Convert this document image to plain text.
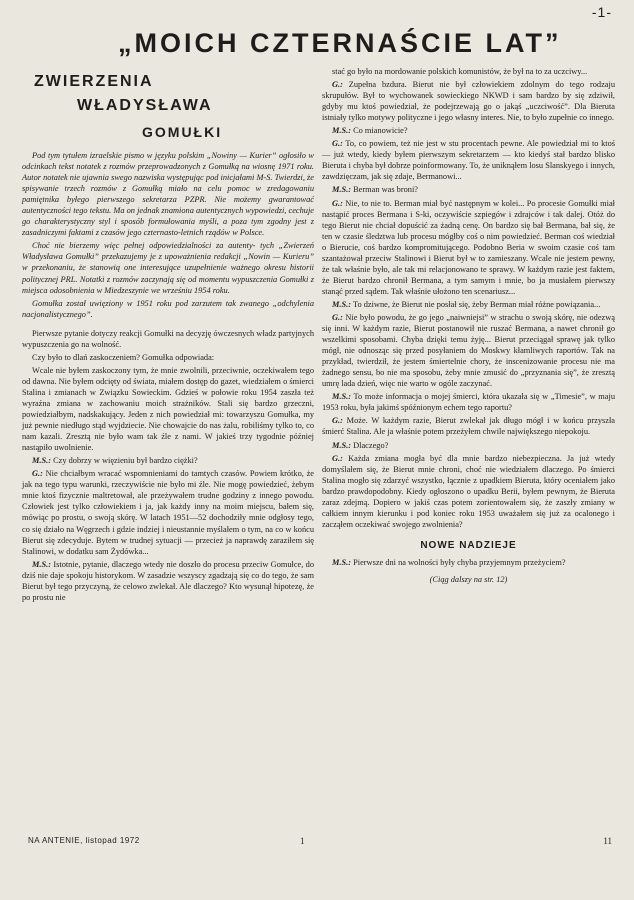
-1-
„MOICH CZTERNAŚCIE LAT”
ZWIERZENIA
WŁADYSŁAWA
GOMUŁKI

Pod tym tytułem izraelskie pismo w języku polskim „Nowiny — Kurier” ogłosiło w odcinkach tekst notatek z rozmów przeprowadzonych z Gomułką na wiosnę 1971 roku. Autor notatek nie ujawnia swego nazwiska występując pod inicjałami M-S. Twierdzi, że spisywanie trzech rozmów z Gomułką miało na celu pomoc w zredagowaniu pamiętnika byłego pierwszego sekretarza PZPR. Nie możemy gwarantować autentyczności tego tekstu. Ma on jednak znamiona autentycznych wypowiedzi, cechuje go charakterystyczny styl i sposób formułowania myśli, a poza tym zgodny jest z zasadniczymi faktami z czasów jego czternasto-letnich rządów w Polsce.

Choć nie bierzemy więc pełnej odpowiedzialności za autenty- tych „Zwierzeń Władysława Gomułki” przekazujemy je z upoważnienia redakcji „Nowin — Kurieru” w przekonaniu, że stanowią one interesujące uzupełnienie ważnego okresu historii politycznej PRL. Notatki z rozmów zaczynają się od momentu wypuszczenia Gomułki z miejsca odosobnienia w Miedzeszynie we wrześniu 1954 roku.

Gomułka został uwięziony w 1951 roku pod zarzutem tak zwanego „odchylenia nacjonalistycznego”.

Pierwsze pytanie dotyczy reakcji Gomułki na decyzję ówczesnych władz partyjnych wypuszczenia go na wolność.

Czy było to dlań zaskoczeniem? Gomułka odpowiada:

Wcale nie byłem zaskoczony tym, że mnie zwolnili, przeciwnie, oczekiwałem tego od dawna. Nie byłem odcięty od świata, miałem dostęp do gazet, wiedziałem o śmierci Stalina i zmianach w Związku Sowieckim. Gdzieś w połowie roku 1954 zaszła też wyraźna zmiana w zachowaniu moich strażników. Stali się bardzo grzeczni, powiedziałbym, nadskakujący. Jeden z nich powiedział mi: towarzyszu Gomułka, my już pewnie niedługo stąd wyjdziecie. Nie chowajcie do nas żalu, robiliśmy tylko to, co nam kazali. Zresztą nie było wam tak źle z nami. W jakieś trzy tygodnie później nastąpiło uwolnienie.

M.S.: Czy dobrzy w więzieniu był bardzo ciężki?

G.: Nie chciałbym wracać wspomnieniami do tamtych czasów. Powiem krótko, że jak na tego typu warunki, rzeczywiście nie było mi źle. Nie mogę powiedzieć, żebym mnie ktoś fizycznie maltretował, ale przeżywałem trudne godziny z innego powodu. Człowiek jest tylko człowiekiem i ja, jak każdy inny na moim miejscu, bałem się, mówiąc po prostu, o swoją skórę. W latach 1951—52 dochodziły mnie odgłosy tego, co się działo na Węgrzech i gdzie indziej i nieustannie myślałem o tym, na co w końcu Bierut się zdecyduje. Bytem w trudnej sytuacji — przecież ja naprawdę zaraziłem się Stalinowi, w dodatku sam Żydówka...

M.S.: Istotnie, pytanie, dlaczego wtedy nie doszło do procesu przeciw Gomułce, do dziś nie daje spokoju historykom. W zasadzie wszyscy zgadzają się co do tego, że sam Bierut był tego przyczyną, że celowo zwlekał. Ale dlaczego? Kto wysunął hipotezę, że po prostu nie

stać go było na mordowanie polskich komunistów, że był na to za uczciwy...

G.: Zupełna bzdura. Bierut nie był człowiekiem zdolnym do tego rodzaju skrupułów. Był to wychowanek sowieckiego NKWD i sam bardzo by się zdziwił, gdyby mu ktoś powiedział, że podejrzewają go o jakąś „uczciwość”. Dla Bieruta istniały tylko motywy polityczne i jego własny interes. Nie, to było zupełnie co innego.

M.S.: Co mianowicie?

G.: To, co powiem, też nie jest w stu procentach pewne. Ale powiedział mi to ktoś — już wtedy, kiedy byłem pierwszym sekretarzem — kto kiedyś stał bardzo blisko Bieruta i chyba był dobrze poinformowany. To, że uniknąłem losu Slanskyego i innych, zawdzięczam, jak się zdaje, Bermanowi...

M.S.: Berman was broni?

G.: Nie, to nie to. Berman miał być następnym w kolei... Po procesie Gomułki miał nastąpić proces Bermana i S-ki, oczywiście szpiegów i zdrajców i tak dalej. Otóż do tego Bierut nie chciał dopuścić za żadną cenę. On bardzo się bał Bermana, bał się, że ten w czasie śledztwa lub procesu mógłby coś o nim powiedzieć. Berman coś wiedział o Bierucie, coś bardzo kompromitującego. Podobno Beria w swoim czasie coś tam szantażował przeciw Stalinowi i Bierut był w to zamieszany. Wcale nie jestem pewny, że tak właśnie było, ale tak mi relacjonowano te sprawy. W każdym razie jest faktem, że Bierut bardzo chronił Bermana, a tym samym i mnie, bo ja musiałem pierwszy stanąć przed sądem. Tak właśnie ułożono ten scenariusz...

M.S.: To dziwne, że Bierut nie posłał się, żeby Berman miał różne powiązania...

G.: Nie było powodu, że go jego „naiwniejsi” w strachu o swoją skórę, nie odezwą się inni. W każdym razie, Bierut postanowił nie ruszać Bermana, a nawet chronił go wszelkimi sposobami. Chyba dzięki temu żyję... Bierut przeciągał sprawę jak tylko mógł, nie odnosząc się przed posyłaniem do Moskwy kłamliwych raportów. Tak na przykład, twierdził, że jestem śmiertelnie chory, że inscenizowanie procesu nie ma żadnego sensu, bo nie ma sposobu, żeby mnie zmusić do „przyznania się”, że zresztą umrę lada dzień, więc nie warto w ogóle zaczynać.

M.S.: To może informacja o mojej śmierci, która ukazała się w „Timesie”, w maju 1953 roku, była jakimś spóźnionym echem tego raportu?

G.: Może. W każdym razie, Bierut zwlekał jak długo mógł i w końcu przyszła śmierć Stalina. Ale ja właśnie potem przeżyłem chwile największego niepokoju.

M.S.: Dlaczego?

G.: Każda zmiana mogła być dla mnie bardzo niebezpieczna. Ja już wtedy domyślałem się, że Bierut mnie chroni, choć nie wiedziałem dlaczego. Po śmierci Stalina mogło się zdarzyć wszystko, łącznie z upadkiem Bieruta, który oceniałem jako bardzo prawdopodobny. Kiedy ogłoszono o upadku Berii, byłem pewnym, że Bieruta zaraz zdejmą. Dopiero w jakiś czas potem zorientowałem się, że zaszły zmiany w całkiem innym kierunku i pod koniec roku 1953 uważałem się już za ocalonego i zacząłem oczekiwać swojego zwolnienia?

NOWE NADZIEJE

M.S.: Pierwsze dni na wolności były chyba przyjemnym przeżyciem?

(Ciąg dalszy na str. 12)
NA ANTENIE, listopad 1972	1	11
